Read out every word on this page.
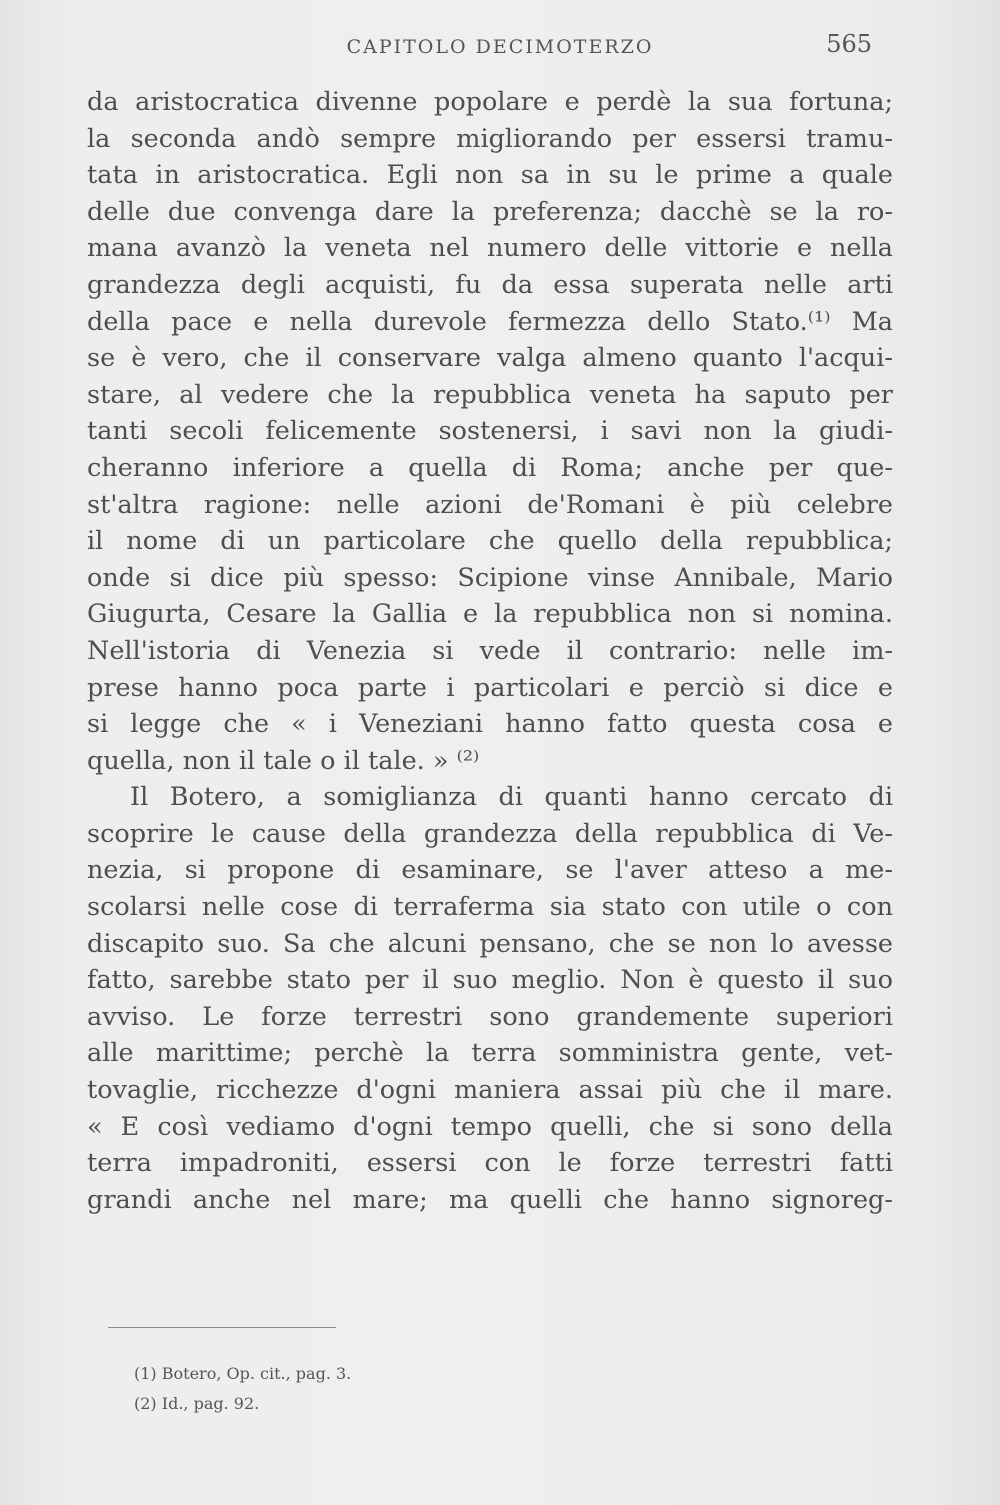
CAPITOLO DECIMOTERZO	565
da aristocratica divenne popolare e perdè la sua fortuna;
la seconda andò sempre migliorando per essersi tramu-
tata in aristocratica. Egli non sa in su le prime a quale
delle due convenga dare la preferenza; dacchè se la ro-
mana avanzò la veneta nel numero delle vittorie e nella
grandezza degli acquisti, fu da essa superata nelle arti
della pace e nella durevole fermezza dello Stato.⁽¹⁾ Ma
se è vero, che il conservare valga almeno quanto l'acqui-
stare, al vedere che la repubblica veneta ha saputo per
tanti secoli felicemente sostenersi, i savi non la giudi-
cheranno inferiore a quella di Roma; anche per que-
st'altra ragione: nelle azioni de'Romani è più celebre
il nome di un particolare che quello della repubblica;
onde si dice più spesso: Scipione vinse Annibale, Mario
Giugurta, Cesare la Gallia e la repubblica non si nomina.
Nell'istoria di Venezia si vede il contrario: nelle im-
prese hanno poca parte i particolari e perciò si dice e
si legge che « i Veneziani hanno fatto questa cosa e
quella, non il tale o il tale. » ⁽²⁾
Il Botero, a somiglianza di quanti hanno cercato di
scoprire le cause della grandezza della repubblica di Ve-
nezia, si propone di esaminare, se l'aver atteso a me-
scolarsi nelle cose di terraferma sia stato con utile o con
discapito suo. Sa che alcuni pensano, che se non lo avesse
fatto, sarebbe stato per il suo meglio. Non è questo il suo
avviso. Le forze terrestri sono grandemente superiori
alle marittime; perchè la terra somministra gente, vet-
tovaglie, ricchezze d'ogni maniera assai più che il mare.
« E così vediamo d'ogni tempo quelli, che si sono della
terra impadroniti, essersi con le forze terrestri fatti
grandi anche nel mare; ma quelli che hanno signoreg-
(1) Botero, Op. cit., pag. 3.
(2) Id., pag. 92.
